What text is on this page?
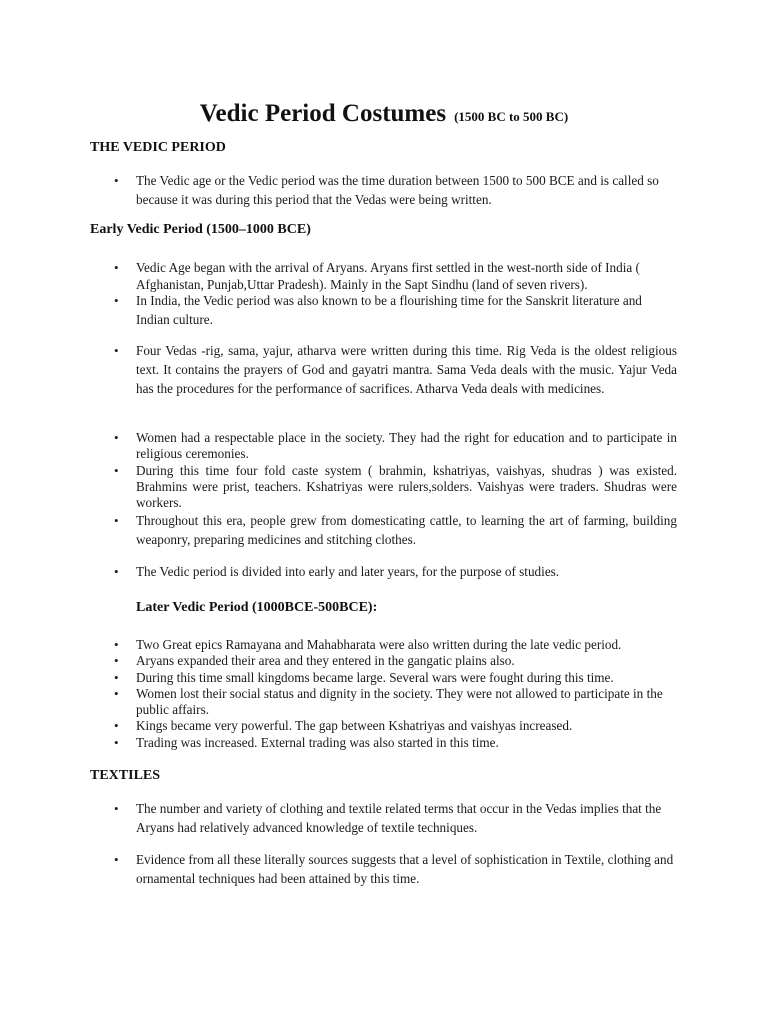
Vedic Period Costumes (1500 BC to 500 BC)
THE VEDIC PERIOD
• The Vedic age or the Vedic period was the time duration between 1500 to 500 BCE and is called so because it was during this period that the Vedas were being written.
Early Vedic Period (1500–1000 BCE)
• Vedic Age began with the arrival of Aryans. Aryans first settled in the west-north side of India ( Afghanistan, Punjab,Uttar Pradesh). Mainly in the Sapt Sindhu (land of seven rivers).
• In India, the Vedic period was also known to be a flourishing time for the Sanskrit literature and Indian culture.
• Four Vedas -rig, sama, yajur, atharva were written during this time. Rig Veda is the oldest religious text. It contains the prayers of God and gayatri mantra. Sama Veda deals with the music. Yajur Veda has the procedures for the performance of sacrifices. Atharva Veda deals with medicines.
• Women had a respectable place in the society. They had the right for education and to participate in religious ceremonies.
• During this time four fold caste system ( brahmin, kshatriyas, vaishyas, shudras ) was existed. Brahmins were prist, teachers. Kshatriyas were rulers,solders. Vaishyas were traders. Shudras were workers.
• Throughout this era, people grew from domesticating cattle, to learning the art of farming, building weaponry, preparing medicines and stitching clothes.
• The Vedic period is divided into early and later years, for the purpose of studies.
Later Vedic Period (1000BCE-500BCE):
• Two Great epics Ramayana and Mahabharata were also written during the late vedic period.
• Aryans expanded their area and they entered in the gangatic plains also.
• During this time small kingdoms became large. Several wars were fought during this time.
• Women lost their social status and dignity in the society. They were not allowed to participate in the public affairs.
• Kings became very powerful. The gap between Kshatriyas and vaishyas increased.
• Trading was increased. External trading was also started in this time.
TEXTILES
• The number and variety of clothing and textile related terms that occur in the Vedas implies that the Aryans had relatively advanced knowledge of textile techniques.
• Evidence from all these literally sources suggests that a level of sophistication in Textile, clothing and ornamental techniques had been attained by this time.
